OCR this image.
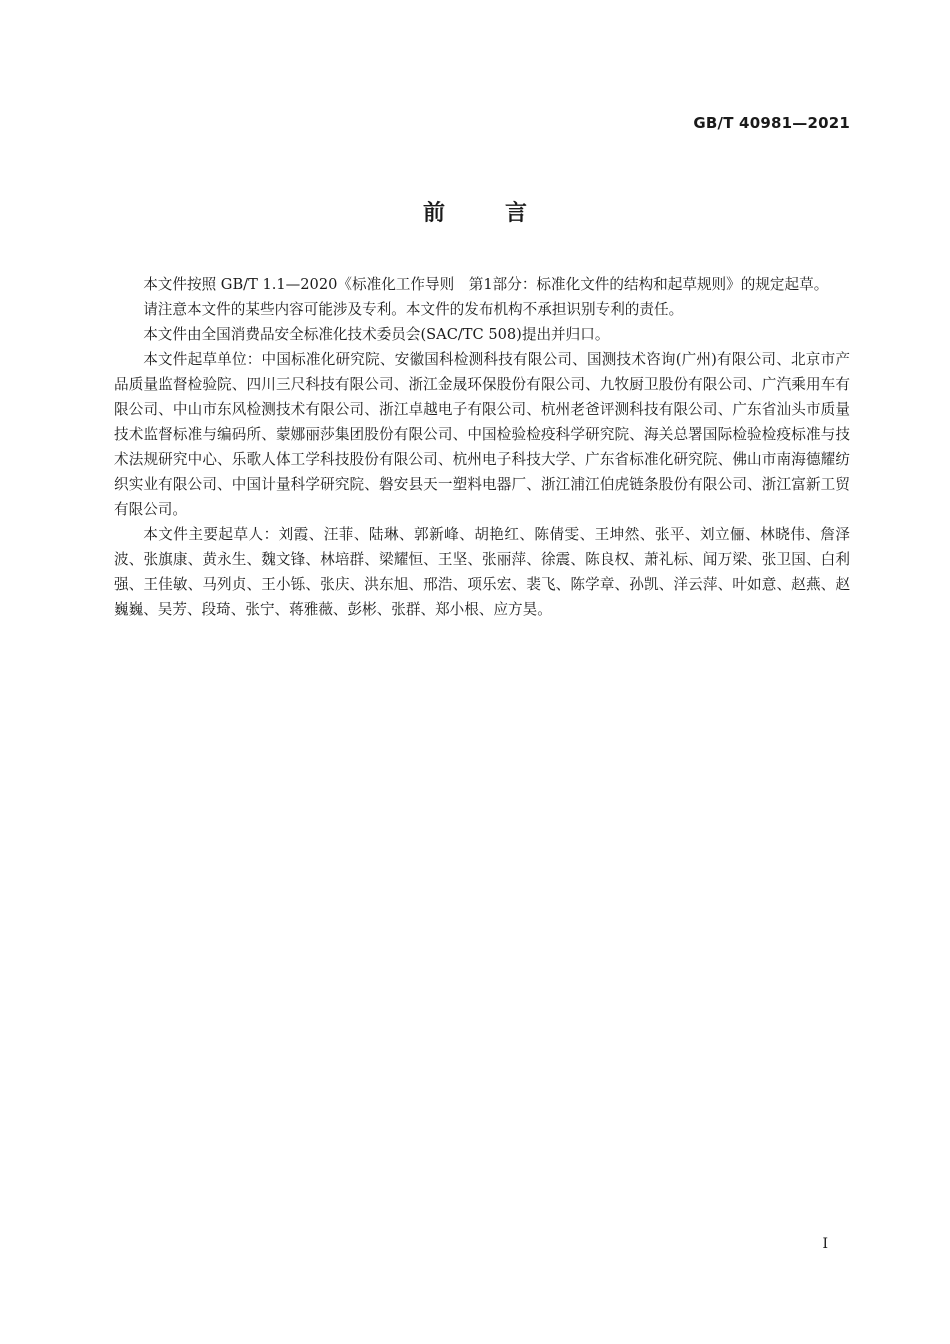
GB/T 40981—2021
前言

本文件按照 GB/T 1.1—2020《标准化工作导则　第1部分：标准化文件的结构和起草规则》的规定起草。

请注意本文件的某些内容可能涉及专利。本文件的发布机构不承担识别专利的责任。

本文件由全国消费品安全标准化技术委员会(SAC/TC 508)提出并归口。

本文件起草单位：中国标准化研究院、安徽国科检测科技有限公司、国测技术咨询(广州)有限公司、北京市产品质量监督检验院、四川三尺科技有限公司、浙江金晟环保股份有限公司、九牧厨卫股份有限公司、广汽乘用车有限公司、中山市东风检测技术有限公司、浙江卓越电子有限公司、杭州老爸评测科技有限公司、广东省汕头市质量技术监督标准与编码所、蒙娜丽莎集团股份有限公司、中国检验检疫科学研究院、海关总署国际检验检疫标准与技术法规研究中心、乐歌人体工学科技股份有限公司、杭州电子科技大学、广东省标准化研究院、佛山市南海德耀纺织实业有限公司、中国计量科学研究院、磐安县天一塑料电器厂、浙江浦江伯虎链条股份有限公司、浙江富新工贸有限公司。

本文件主要起草人：刘霞、汪菲、陆琳、郭新峰、胡艳红、陈倩雯、王坤然、张平、刘立俪、林晓伟、詹泽波、张旗康、黄永生、魏文锋、林培群、梁耀恒、王坚、张丽萍、徐震、陈良权、萧礼标、闻万梁、张卫国、白利强、王佳敏、马列贞、王小铄、张庆、洪东旭、邢浩、项乐宏、裴飞、陈学章、孙凯、洋云萍、叶如意、赵燕、赵巍巍、吴芳、段琦、张宁、蒋雅薇、彭彬、张群、郑小根、应方昊。

I
